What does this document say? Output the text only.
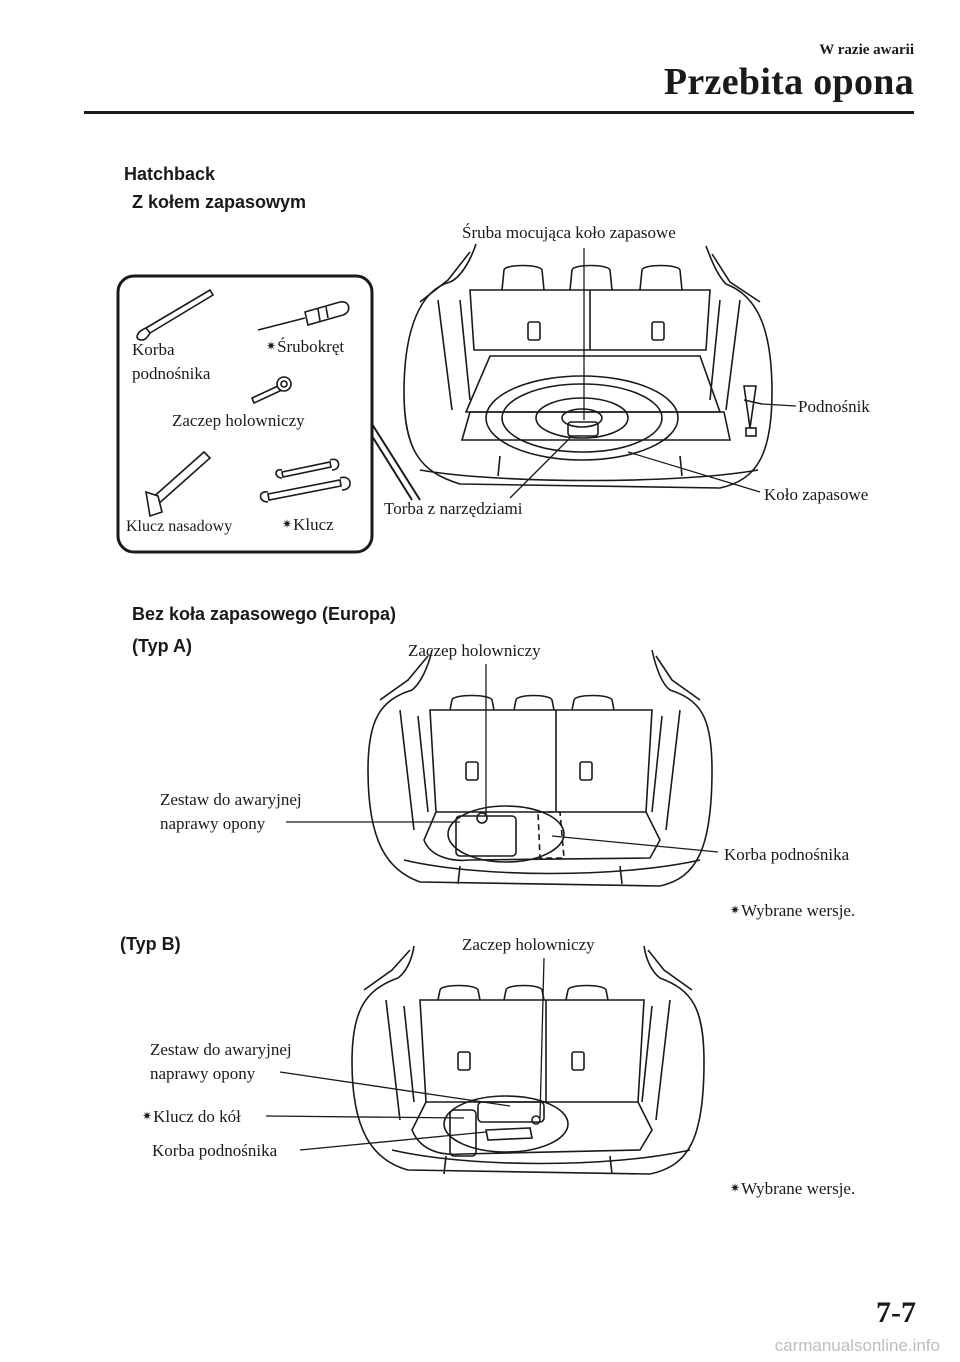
W razie awarii
Przebita opona
Hatchback
Z kołem zapasowym
Korba
podnośnika
✷Śrubokręt
Zaczep holowniczy
Klucz nasadowy	✷Klucz
Śruba mocująca koło zapasowe
Podnośnik
Torba z narzędziami
Koło zapasowe
Bez koła zapasowego (Europa)
(Typ A)	Zaczep holowniczy
Zestaw do awaryjnej
naprawy opony
Korba podnośnika
✷Wybrane wersje.
(Typ B)	Zaczep holowniczy
Zestaw do awaryjnej
naprawy opony
✷Klucz do kół
Korba podnośnika
✷Wybrane wersje.
7-7
carmanualsonline.info
